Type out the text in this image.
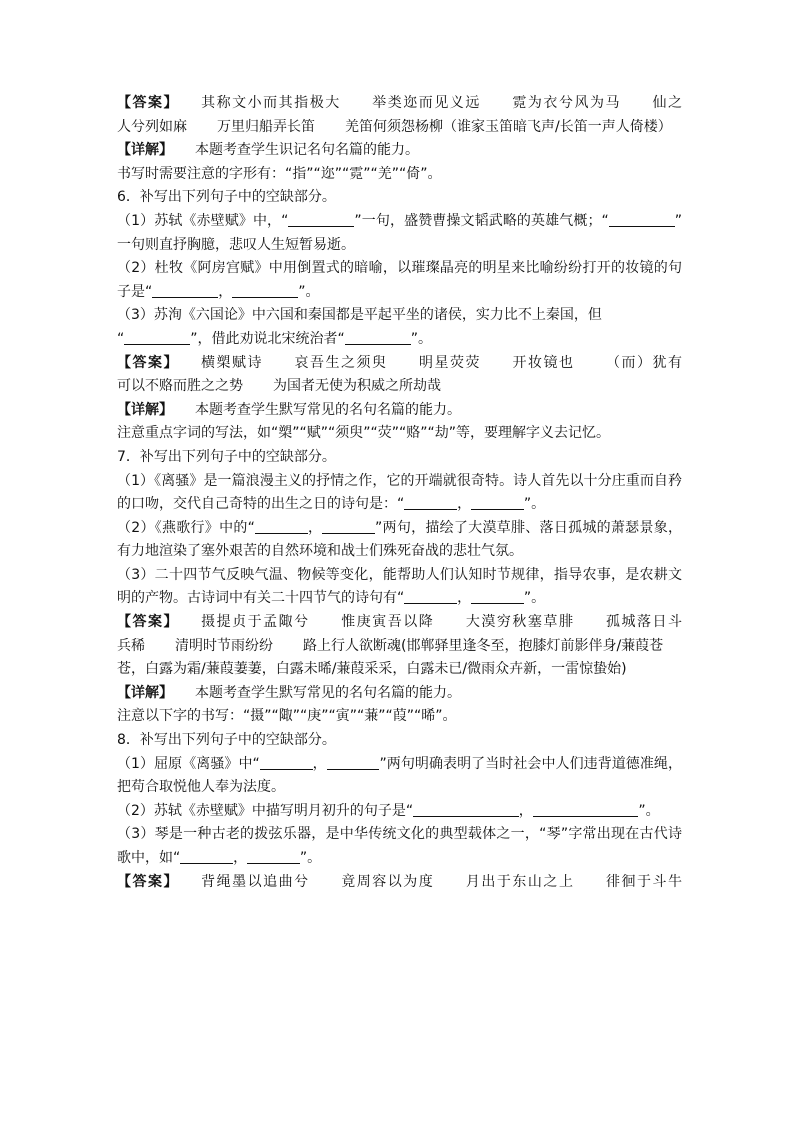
【答案】 其称文小而其指极大 举类迩而见义远 霓为衣兮风为马 仙之
人兮列如麻 万里归船弄长笛 羌笛何须怨杨柳（谁家玉笛暗飞声/长笛一声人倚楼）
【详解】 本题考查学生识记名句名篇的能力。
书写时需要注意的字形有：“指”“迩”“霓”“羌”“倚”。
6．补写出下列句子中的空缺部分。
（1）苏轼《赤壁赋》中，“	”一句，盛赞曹操文韬武略的英雄气概；“	”
一句则直抒胸臆，悲叹人生短暂易逝。
（2）杜牧《阿房宫赋》中用倒置式的暗喻，以璀璨晶亮的明星来比喻纷纷打开的妆镜的句
子是“	，	”。
（3）苏洵《六国论》中六国和秦国都是平起平坐的诸侯，实力比不上秦国，但
“	”，借此劝说北宋统治者“	”。
【答案】 横槊赋诗 哀吾生之须臾 明星荧荧 开妆镜也 （而）犹有
可以不赂而胜之之势 为国者无使为积威之所劫哉
【详解】 本题考查学生默写常见的名句名篇的能力。
注意重点字词的写法，如“槊”“赋”“须臾”“荧”“赂”“劫”等，要理解字义去记忆。
7．补写出下列句子中的空缺部分。
（1）《离骚》是一篇浪漫主义的抒情之作，它的开端就很奇特。诗人首先以十分庄重而自矜
的口吻，交代自己奇特的出生之日的诗句是：“	，	”。
（2）《燕歌行》中的“	，	”两句，描绘了大漠草腓、落日孤城的萧瑟景象，
有力地渲染了塞外艰苦的自然环境和战士们殊死奋战的悲壮气氛。
（3）二十四节气反映气温、物候等变化，能帮助人们认知时节规律，指导农事，是农耕文
明的产物。古诗词中有关二十四节气的诗句有“	，	”。
【答案】 摄提贞于孟陬兮 惟庚寅吾以降 大漠穷秋塞草腓 孤城落日斗
兵稀 清明时节雨纷纷 路上行人欲断魂(邯郸驿里逢冬至，抱膝灯前影伴身/蒹葭苍
苍，白露为霜/蒹葭萋萋，白露未晞/蒹葭采采，白露未已/微雨众卉新，一雷惊蛰始)
【详解】 本题考查学生默写常见的名句名篇的能力。
注意以下字的书写：“摄”“陬”“庚”“寅”“蒹”“葭”“晞”。
8．补写出下列句子中的空缺部分。
（1）屈原《离骚》中“	，	”两句明确表明了当时社会中人们违背道德准绳，
把苟合取悦他人奉为法度。
（2）苏轼《赤壁赋》中描写明月初升的句子是“	，	”。
（3）琴是一种古老的拨弦乐器，是中华传统文化的典型载体之一，“琴”字常出现在古代诗
歌中，如“	，	”。
【答案】 背绳墨以追曲兮 竟周容以为度 月出于东山之上 徘徊于斗牛
